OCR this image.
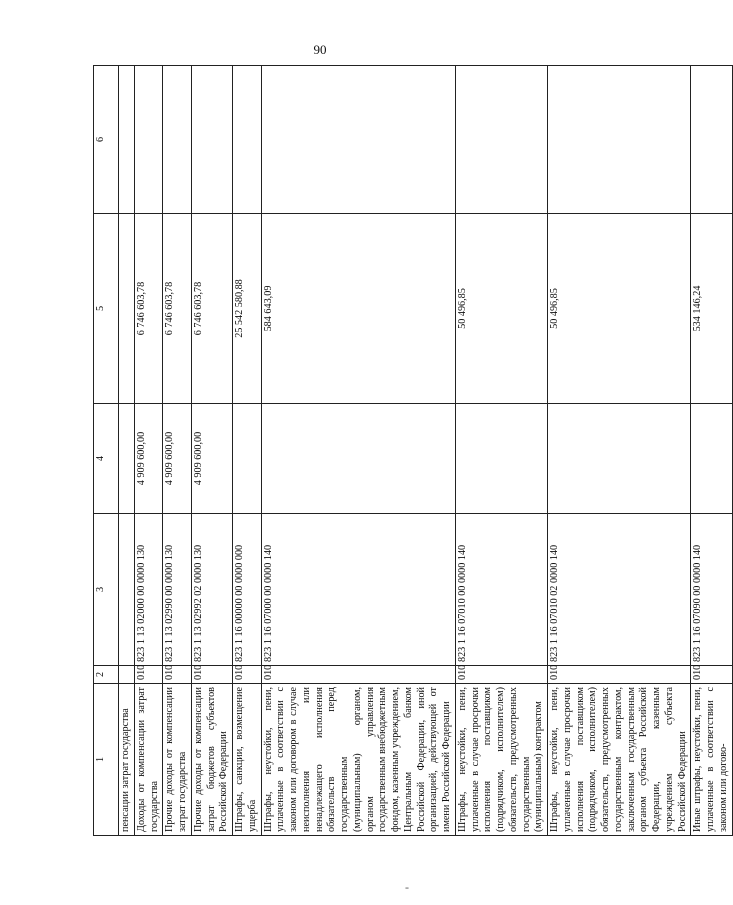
90
1	2	3	4	5	6
пенсации затрат государства					
Доходы от компенсации затрат государства	010	823 1 13 02000 00 0000 130	4 909 600,00	6 746 603,78	
Прочие доходы от компенсации затрат государства	010	823 1 13 02990 00 0000 130	4 909 600,00	6 746 603,78	
Прочие доходы от компенсации затрат бюджетов субъектов Российской Федерации	010	823 1 13 02992 02 0000 130	4 909 600,00	6 746 603,78	
Штрафы, санкции, возмещение ущерба	010	823 1 16 00000 00 0000 000		25 542 580,88	
Штрафы, неустойки, пени, уплаченные в соответствии с законом или договором в случае неисполнения или ненадлежащего исполнения обязательств перед государственным (муниципальным) органом, органом управления государственным внебюджетным фондом, казенным учреждением, Центральным банком Российской Федерации, иной организацией, действующей от имени Российской Федерации	010	823 1 16 07000 00 0000 140		584 643,09	
Штрафы, неустойки, пени, уплаченные в случае просрочки исполнения поставщиком (подрядчиком, исполнителем) обязательств, предусмотренных государственным (муниципальным) контрактом	010	823 1 16 07010 00 0000 140		50 496,85	
Штрафы, неустойки, пени, уплаченные в случае просрочки исполнения поставщиком (подрядчиком, исполнителем) обязательств, предусмотренных государственным контрактом, заключенным государственным органом субъекта Российской Федерации, казенным учреждением субъекта Российской Федерации	010	823 1 16 07010 02 0000 140		50 496,85	
Иные штрафы, неустойки, пени, уплаченные в соответствии с законом или догово-	010	823 1 16 07090 00 0000 140		534 146,24	
-
